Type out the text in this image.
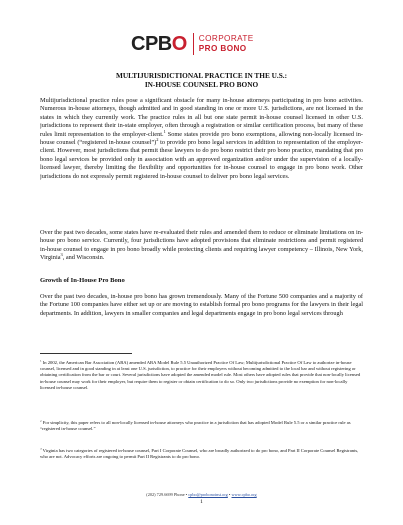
CPBO CORPORATE
PRO BONO
MULTIJURISDICTIONAL PRACTICE IN THE U.S.:
IN-HOUSE COUNSEL PRO BONO

Multijurisdictional practice rules pose a significant obstacle for many in-house attorneys participating in pro bono activities. Numerous in-house attorneys, though admitted and in good standing in one or more U.S. jurisdictions, are not licensed in the states in which they currently work. The practice rules in all but one state permit in-house counsel licensed in other U.S. jurisdictions to represent their in-state employer, often through a registration or similar certification process, but many of these rules limit representation to the employer-client.$^1$ Some states provide pro bono exemptions, allowing non-locally licensed in-house counsel (“registered in-house counsel”)$^2$ to provide pro bono legal services in addition to representation of the employer-client. However, most jurisdictions that permit these lawyers to do pro bono restrict their pro bono practice, mandating that pro bono legal services be provided only in association with an approved organization and/or under the supervision of a locally-licensed lawyer, thereby limiting the flexibility and opportunities for in-house counsel to engage in pro bono work. Other jurisdictions do not expressly permit registered in-house counsel to deliver pro bono legal services.

Over the past two decades, some states have re-evaluated their rules and amended them to reduce or eliminate limitations on in-house pro bono service. Currently, four jurisdictions have adopted provisions that eliminate restrictions and permit registered in-house counsel to engage in pro bono broadly while protecting clients and requiring lawyer competency – Illinois, New York, Virginia$^3$, and Wisconsin.

Growth of In-House Pro Bono

Over the past two decades, in-house pro bono has grown tremendously. Many of the Fortune 500 companies and a majority of the Fortune 100 companies have either set up or are moving to establish formal pro bono programs for the lawyers in their legal departments. In addition, lawyers in smaller companies and legal departments engage in pro bono legal services through

$^1$ In 2002, the American Bar Association (ABA) amended ABA Model Rule 5.5 Unauthorized Practice Of Law; Multijurisdictional Practice Of Law to authorize in-house counsel, licensed and in good standing in at least one U.S. jurisdiction, to practice for their employers without becoming admitted to the local bar and without registering or obtaining certification from the bar or court. Several jurisdictions have adopted the amended model rule. Most others have adopted rules that provide that non-locally licensed in-house counsel may work for their employer, but require them to register or obtain certification to do so. Only two jurisdictions provide no exemption for non-locally licensed in-house counsel.

$^2$ For simplicity, this paper refers to all non-locally licensed in-house attorneys who practice in a jurisdiction that has adopted Model Rule 5.5 or a similar practice rule as “registered in-house counsel.”

$^3$ Virginia has two categories of registered in-house counsel, Part I Corporate Counsel, who are broadly authorized to do pro bono, and Part II Corporate Counsel Registrants, who are not. Advocacy efforts are ongoing to permit Part II Registrants to do pro bono.

(202) 729.6699 Phone • cpbo@probonoinst.org • www.cpbo.org
1
